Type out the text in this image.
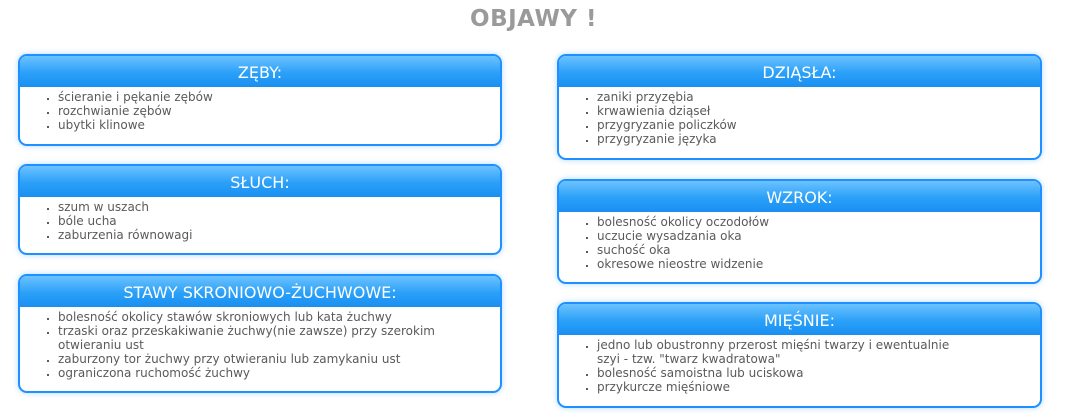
OBJAWY !
ZĘBY:
▪ ścieranie i pękanie zębów
▪ rozchwianie zębów
▪ ubytki klinowe
SŁUCH:
▪ szum w uszach
▪ bóle ucha
▪ zaburzenia równowagi
STAWY SKRONIOWO-ŻUCHWOWE:
▪ bolesność okolicy stawów skroniowych lub kata żuchwy
▪ trzaski oraz przeskakiwanie żuchwy(nie zawsze) przy szerokim otwieraniu ust
▪ zaburzony tor żuchwy przy otwieraniu lub zamykaniu ust
▪ ograniczona ruchomość żuchwy
DZIĄSŁA:
▪ zaniki przyzębia
▪ krwawienia dziąseł
▪ przygryzanie policzków
▪ przygryzanie języka
WZROK:
▪ bolesność okolicy oczodołów
▪ uczucie wysadzania oka
▪ suchość oka
▪ okresowe nieostre widzenie
MIĘŚNIE:
▪ jedno lub obustronny przerost mięśni twarzy i ewentualnie szyi - tzw. "twarz kwadratowa"
▪ bolesność samoistna lub uciskowa
▪ przykurcze mięśniowe
